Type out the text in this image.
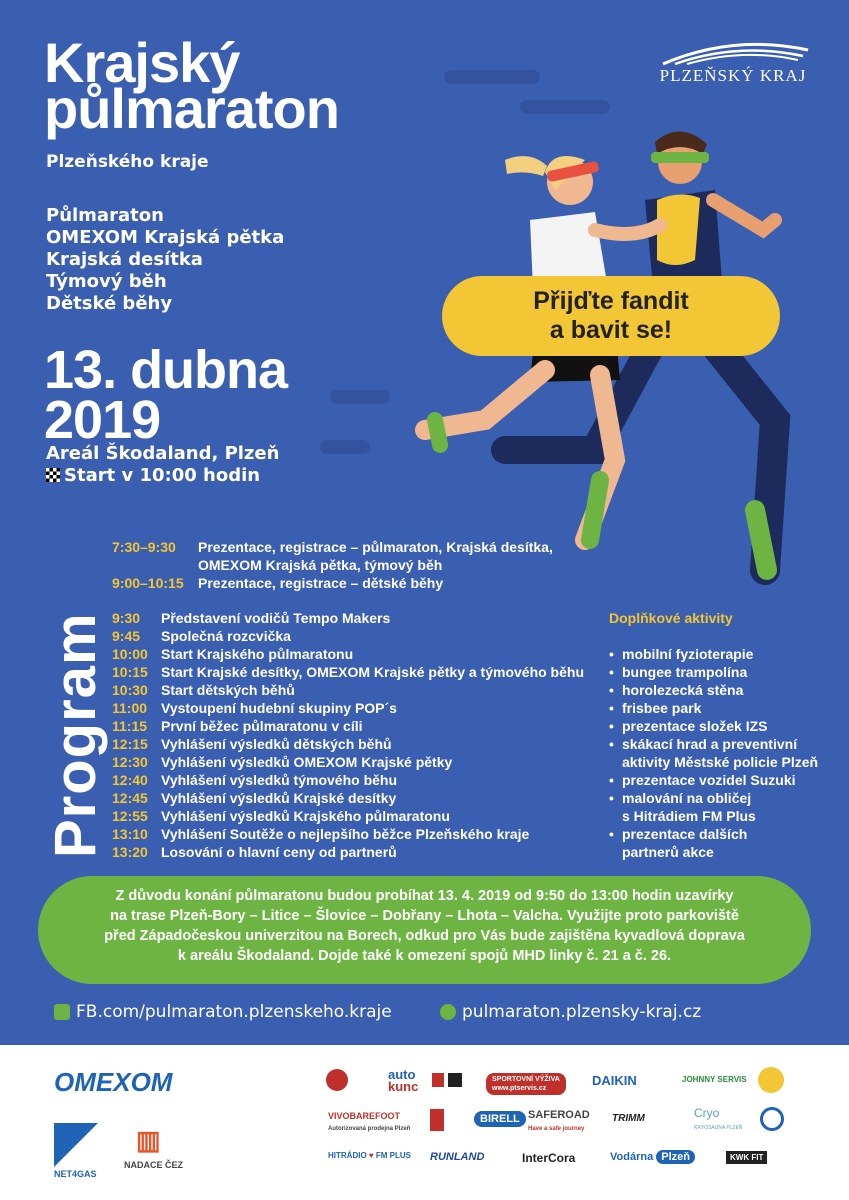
Krajský
půlmaraton
Plzeňského kraje
PLZEŇSKÝ KRAJ
Půlmaraton
OMEXOM Krajská pětka
Krajská desítka
Týmový běh
Dětské běhy
13. dubna
2019
Areál Škodaland, Plzeň
Start v 10:00 hodin
Přijďte fandit
a bavit se!
Program
7:30–9:30	Prezentace, registrace – půlmaraton, Krajská desítka,
OMEXOM Krajská pětka, týmový běh
9:00–10:15	Prezentace, registrace – dětské běhy
9:30	Představení vodičů Tempo Makers
9:45	Společná rozcvička
10:00 Start Krajského půlmaratonu
10:15 Start Krajské desítky, OMEXOM Krajské pětky a týmového běhu
10:30 Start dětských běhů
11:00 Vystoupení hudební skupiny POP´s
11:15 První běžec půlmaratonu v cíli
12:15 Vyhlášení výsledků dětských běhů
12:30 Vyhlášení výsledků OMEXOM Krajské pětky
12:40 Vyhlášení výsledků týmového běhu
12:45 Vyhlášení výsledků Krajské desítky
12:55 Vyhlášení výsledků Krajského půlmaratonu
13:10 Vyhlášení Soutěže o nejlepšího běžce Plzeňského kraje
13:20 Losování o hlavní ceny od partnerů
Doplňkové aktivity
• mobilní fyzioterapie
• bungee trampolína
• horolezecká stěna
• frisbee park
• prezentace složek IZS
• skákací hrad a preventivní
aktivity Městské policie Plzeň
• prezentace vozidel Suzuki
• malování na obličej
s Hitrádiem FM Plus
• prezentace dalších
partnerů akce
Z důvodu konání půlmaratonu budou probíhat 13. 4. 2019 od 9:50 do 13:00 hodin uzavírky
na trase Plzeň-Bory – Litice – Šlovice – Dobřany – Lhota – Valcha. Využijte proto parkoviště
před Západočeskou univerzitou na Borech, odkud pro Vás bude zajištěna kyvadlová doprava
k areálu Škodaland. Dojde také k omezení spojů MHD linky č. 21 a č. 26.
FB.com/pulmaraton.plzenskeho.kraje	pulmaraton.plzensky-kraj.cz
OMEXOM
NET4GAS
▥
NADACE ČEZ
auto
kunc	SPORTOVNÍ VÝŽIVA
www.ptservis.cz
DAIKIN	JOHNNY SERVIS
VIVOBAREFOOT
Autorizovaná prodejna Plzeň
BIRELL SAFEROAD
Have a safe journey
TRIMM	Cryo
KRYOSAUNA PLZEŇ
HITRÁDIO ♥ FM PLUS RUNLAND	InterCora	Vodárna Plzeň	KWK FIT
